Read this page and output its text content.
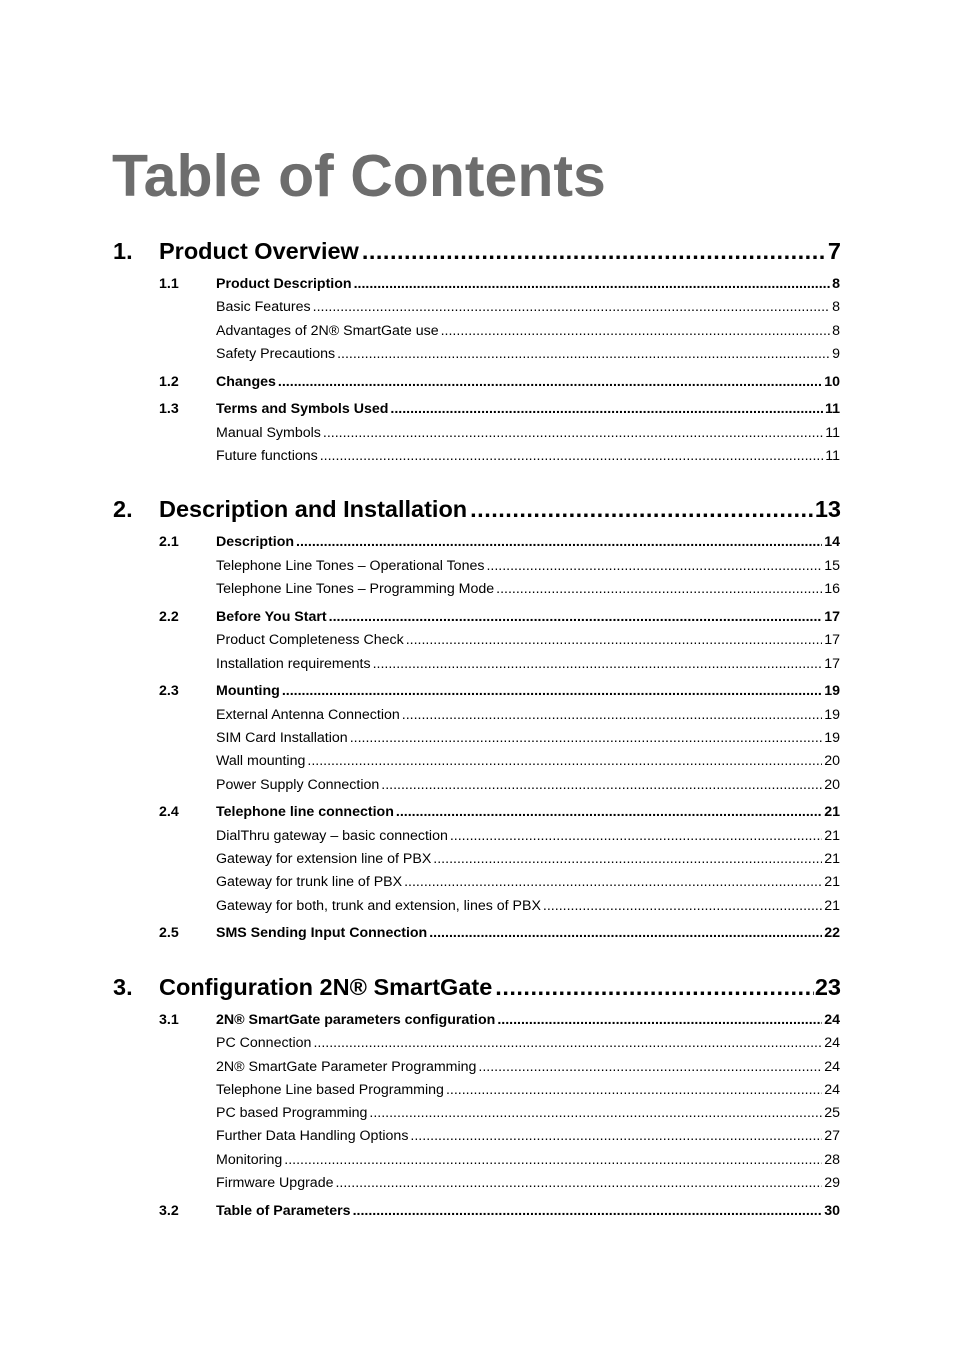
Table of Contents
1.	Product Overview .....	7
1.1	Product Description .....	8
Basic Features .....	8
Advantages of 2N® SmartGate use .....	8
Safety Precautions .....	9
1.2	Changes .....	10
1.3	Terms and Symbols Used .....	11
Manual Symbols .....	11
Future functions .....	11
2.	Description and Installation .....	13
2.1	Description .....	14
Telephone Line Tones – Operational Tones .....	15
Telephone Line Tones – Programming Mode .....	16
2.2	Before You Start .....	17
Product Completeness Check .....	17
Installation requirements .....	17
2.3	Mounting .....	19
External Antenna Connection .....	19
SIM Card Installation .....	19
Wall mounting .....	20
Power Supply Connection .....	20
2.4	Telephone line connection .....	21
DialThru gateway – basic connection .....	21
Gateway for extension line of PBX .....	21
Gateway for trunk line of PBX .....	21
Gateway for both, trunk and extension, lines of PBX .....	21
2.5	SMS Sending Input Connection .....	22
3.	Configuration 2N® SmartGate .....	23
3.1	2N® SmartGate parameters configuration .....	24
PC Connection .....	24
2N® SmartGate Parameter Programming .....	24
Telephone Line based Programming .....	24
PC based Programming .....	25
Further Data Handling Options .....	27
Monitoring .....	28
Firmware Upgrade .....	29
3.2	Table of Parameters .....	30
